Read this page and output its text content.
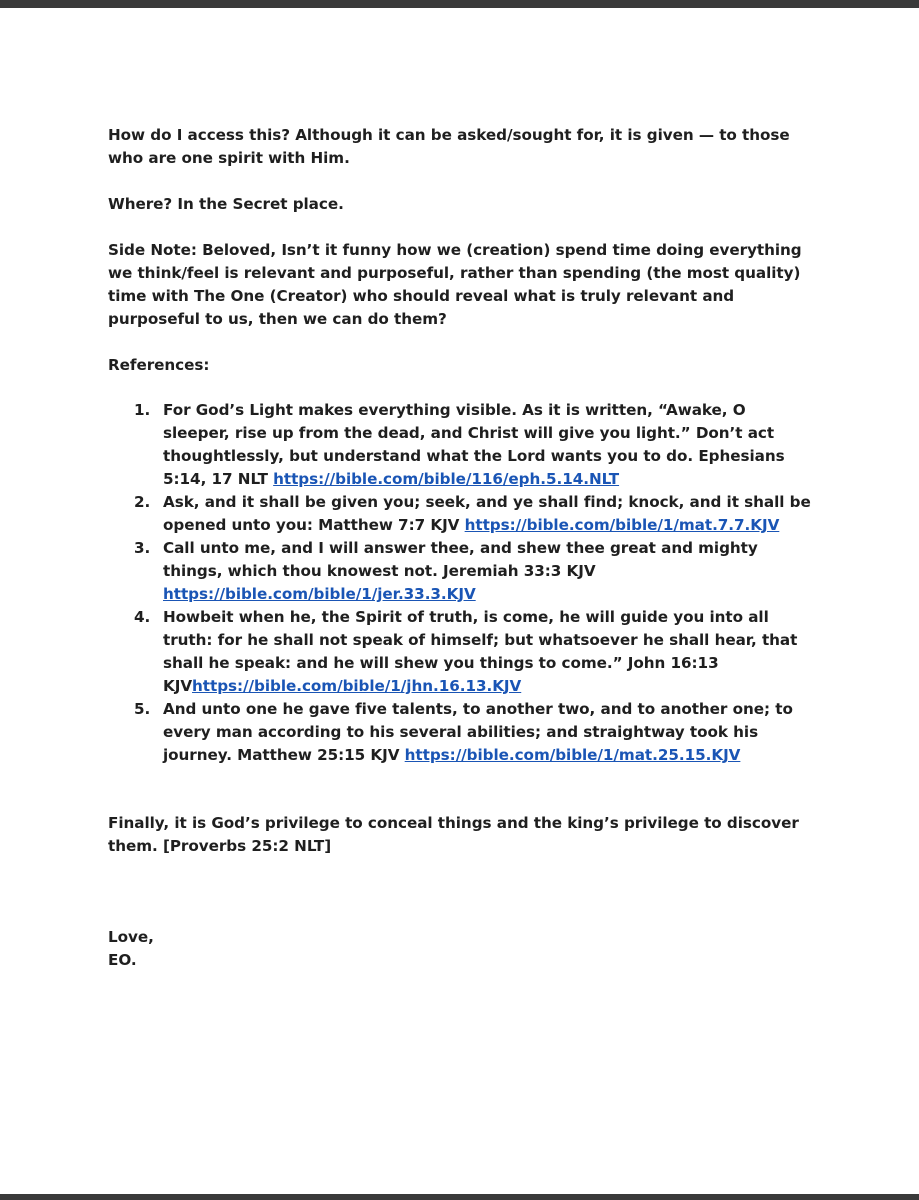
How do I access this? Although it can be asked/sought for, it is given — to those who are one spirit with Him.

Where? In the Secret place.

Side Note: Beloved, Isn’t it funny how we (creation) spend time doing everything we think/feel is relevant and purposeful, rather than spending (the most quality) time with The One (Creator) who should reveal what is truly relevant and purposeful to us, then we can do them?

References:

1. For God’s Light makes everything visible. As it is written, “Awake, O sleeper, rise up from the dead, and Christ will give you light.” Don’t act thoughtlessly, but understand what the Lord wants you to do. Ephesians 5:14, 17 NLT https://bible.com/bible/116/eph.5.14.NLT
2. Ask, and it shall be given you; seek, and ye shall find; knock, and it shall be opened unto you: Matthew 7:7 KJV https://bible.com/bible/1/mat.7.7.KJV
3. Call unto me, and I will answer thee, and shew thee great and mighty things, which thou knowest not. Jeremiah 33:3 KJV https://bible.com/bible/1/jer.33.3.KJV
4. Howbeit when he, the Spirit of truth, is come, he will guide you into all truth: for he shall not speak of himself; but whatsoever he shall hear, that shall he speak: and he will shew you things to come.” John 16:13 KJVhttps://bible.com/bible/1/jhn.16.13.KJV
5. And unto one he gave five talents, to another two, and to another one; to every man according to his several abilities; and straightway took his journey. Matthew 25:15 KJV https://bible.com/bible/1/mat.25.15.KJV

Finally, it is God’s privilege to conceal things and the king’s privilege to discover them. [Proverbs 25:2 NLT]

Love,
EO.
